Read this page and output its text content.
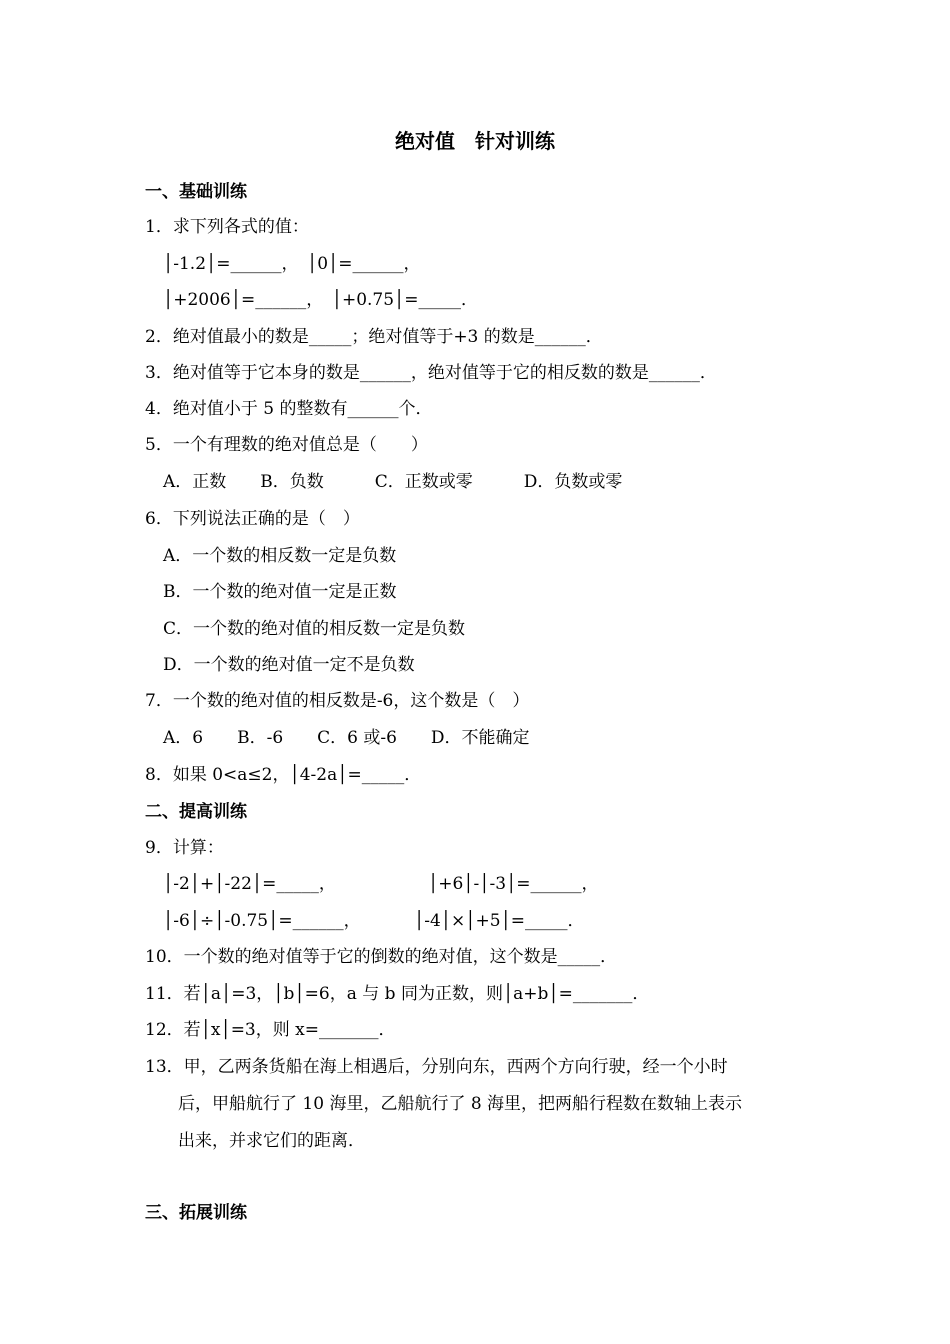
绝对值　针对训练
一、基础训练
1．求下列各式的值：
│-1.2│=______，　│0│=______，
│+2006│=______，　│+0.75│=_____．
2．绝对值最小的数是_____；绝对值等于+3 的数是______．
3．绝对值等于它本身的数是______，绝对值等于它的相反数的数是______．
4．绝对值小于 5 的整数有______个．
5．一个有理数的绝对值总是（　　）
A．正数　　B．负数　　　C．正数或零　　　D．负数或零
6．下列说法正确的是（　）
A．一个数的相反数一定是负数
B．一个数的绝对值一定是正数
C．一个数的绝对值的相反数一定是负数
D．一个数的绝对值一定不是负数
7．一个数的绝对值的相反数是-6，这个数是（　）
A．6　　B．-6　　C．6 或-6　　D．不能确定
8．如果 0<a≤2，│4-2a│=_____．
二、提高训练
9．计算：
│-2│+│-22│=_____，	│+6│-│-3│=______，
│-6│÷│-0.75│=______，	│-4│×│+5│=_____．
10．一个数的绝对值等于它的倒数的绝对值，这个数是_____．
11．若│a│=3，│b│=6，a 与 b 同为正数，则│a+b│=_______．
12．若│x│=3，则 x=_______．
13．甲，乙两条货船在海上相遇后，分别向东，西两个方向行驶，经一个小时
后，甲船航行了 10 海里，乙船航行了 8 海里，把两船行程数在数轴上表示
出来，并求它们的距离．
三、拓展训练
